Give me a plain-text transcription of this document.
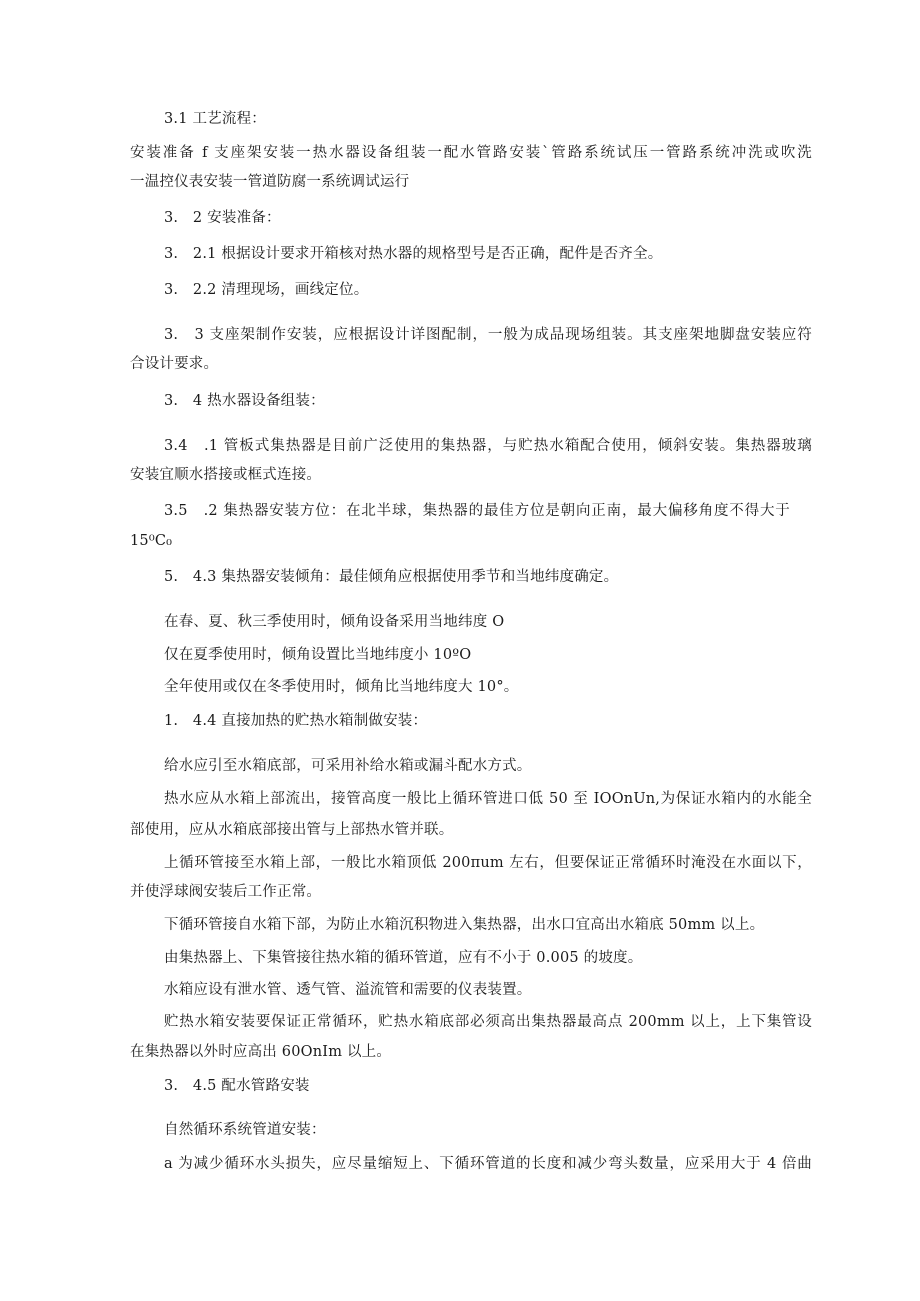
3.1 工艺流程：
安装准备 f 支座架安装一热水器设备组装一配水管路安装`管路系统试压一管路系统冲洗或吹洗
一温控仪表安装一管道防腐一系统调试运行
3.　2 安装准备：
3.　2.1 根据设计要求开箱核对热水器的规格型号是否正确，配件是否齐全。
3.　2.2 清理现场，画线定位。
3.　3 支座架制作安装，应根据设计详图配制，一般为成品现场组装。其支座架地脚盘安装应符
合设计要求。
3.　4 热水器设备组装：
3.4　.1 管板式集热器是目前广泛使用的集热器，与贮热水箱配合使用，倾斜安装。集热器玻璃
安装宜顺水搭接或框式连接。
3.5　.2 集热器安装方位：在北半球，集热器的最佳方位是朝向正南，最大偏移角度不得大于
15⁰C₀
5.　4.3 集热器安装倾角：最佳倾角应根据使用季节和当地纬度确定。
在春、夏、秋三季使用时，倾角设备采用当地纬度 O
仅在夏季使用时，倾角设置比当地纬度小 10ºO
全年使用或仅在冬季使用时，倾角比当地纬度大 10°。
1.　4.4 直接加热的贮热水箱制做安装：
给水应引至水箱底部，可采用补给水箱或漏斗配水方式。
热水应从水箱上部流出，接管高度一般比上循环管进口低 50 至 IOOnUn,为保证水箱内的水能全
部使用，应从水箱底部接出管与上部热水管并联。
上循环管接至水箱上部，一般比水箱顶低 200πum 左右，但要保证正常循环时淹没在水面以下，
并使浮球阀安装后工作正常。
下循环管接自水箱下部，为防止水箱沉积物进入集热器，出水口宜高出水箱底 50mm 以上。
由集热器上、下集管接往热水箱的循环管道，应有不小于 0.005 的坡度。
水箱应设有泄水管、透气管、溢流管和需要的仪表装置。
贮热水箱安装要保证正常循环，贮热水箱底部必须高出集热器最高点 200mm 以上，上下集管设
在集热器以外时应高出 60OnIm 以上。
3.　4.5 配水管路安装
自然循环系统管道安装：
a 为减少循环水头损失，应尽量缩短上、下循环管道的长度和减少弯头数量，应采用大于 4 倍曲
